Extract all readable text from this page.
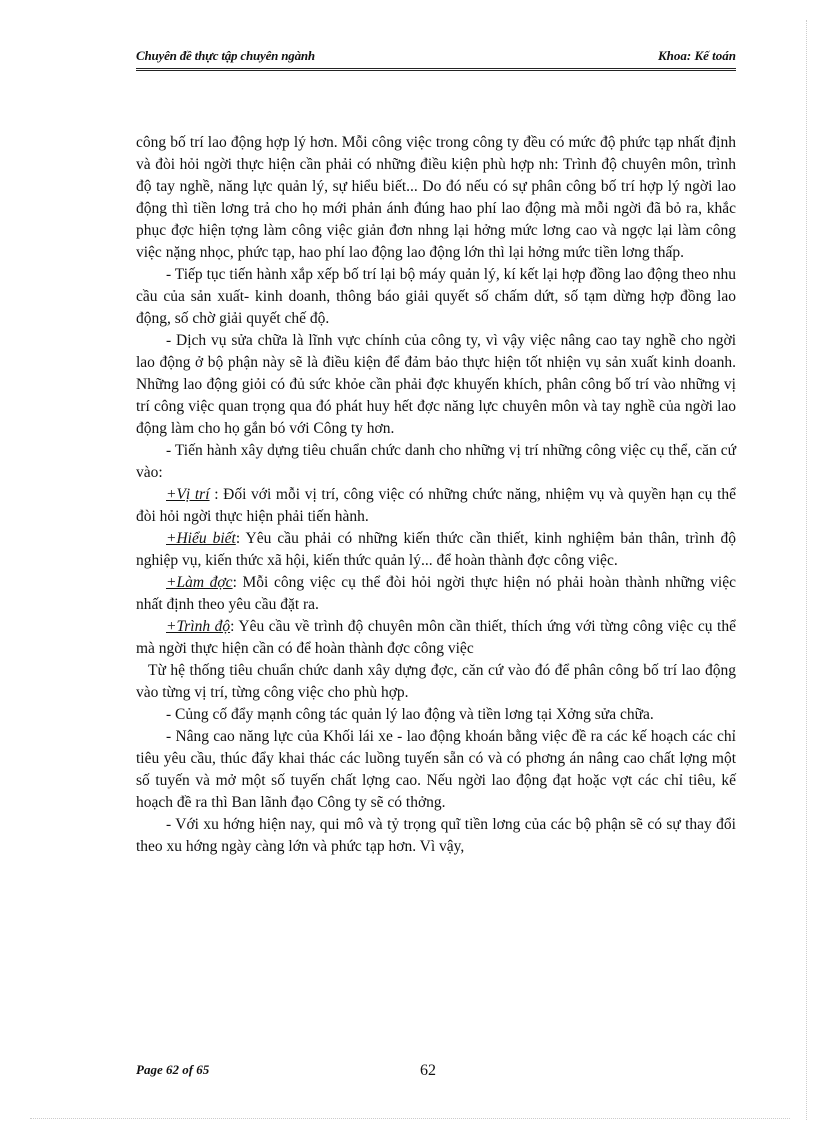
Chuyên đề thực tập chuyên ngành	Khoa: Kế toán

công bố trí lao động hợp lý hơn. Mỗi công việc trong công ty đều có mức độ phức tạp nhất định và đòi hỏi ngời thực hiện cần phải có những điều kiện phù hợp nh: Trình độ chuyên môn, trình độ tay nghề, năng lực quản lý, sự hiểu biết... Do đó nếu có sự phân công bố trí hợp lý ngời lao động thì tiền lơng trả cho họ mới phản ánh đúng hao phí lao động mà mỗi ngời đã bỏ ra, khắc phục đợc hiện tợng làm công việc giản đơn nhng lại hởng mức lơng cao và ngợc lại làm công việc nặng nhọc, phức tạp, hao phí lao động lao động lớn thì lại hởng mức tiền lơng thấp.

- Tiếp tục tiến hành xắp xếp bố trí lại bộ máy quản lý, kí kết lại hợp đồng lao động theo nhu cầu của sản xuất- kinh doanh, thông báo giải quyết số chấm dứt, số tạm dừng hợp đồng lao động, số chờ giải quyết chế độ.

- Dịch vụ sửa chữa là lĩnh vực chính của công ty, vì vậy việc nâng cao tay nghề cho ngời lao động ở bộ phận này sẽ là điều kiện để đảm bảo thực hiện tốt nhiện vụ sản xuất kinh doanh. Những lao động giỏi có đủ sức khỏe cần phải đợc khuyến khích, phân công bố trí vào những vị trí công việc quan trọng qua đó phát huy hết đợc năng lực chuyên môn và tay nghề của ngời lao động làm cho họ gắn bó với Công ty hơn.

- Tiến hành xây dựng tiêu chuẩn chức danh cho những vị trí những công việc cụ thể, căn cứ vào:

+Vị trí : Đối với mỗi vị trí, công việc có những chức năng, nhiệm vụ và quyền hạn cụ thể đòi hỏi ngời thực hiện phải tiến hành.

+Hiểu biết: Yêu cầu phải có những kiến thức cần thiết, kinh nghiệm bản thân, trình độ nghiệp vụ, kiến thức xã hội, kiến thức quản lý... để hoàn thành đợc công việc.

+Làm đợc: Mỗi công việc cụ thể đòi hỏi ngời thực hiện nó phải hoàn thành những việc nhất định theo yêu cầu đặt ra.

+Trình độ: Yêu cầu về trình độ chuyên môn cần thiết, thích ứng với từng công việc cụ thể mà ngời thực hiện cần có để hoàn thành đợc công việc

Từ hệ thống tiêu chuẩn chức danh xây dựng đợc, căn cứ vào đó để phân công bố trí lao động vào từng vị trí, từng công việc cho phù hợp.

- Củng cố đẩy mạnh công tác quản lý lao động và tiền lơng tại Xởng sửa chữa.

- Nâng cao năng lực của Khối lái xe - lao động khoán bằng việc đề ra các kế hoạch các chỉ tiêu yêu cầu, thúc đẩy khai thác các luồng tuyến sẵn có và có phơng án nâng cao chất lợng một số tuyến và mở một số tuyến chất lợng cao. Nếu ngời lao động đạt hoặc vợt các chỉ tiêu, kế hoạch đề ra thì Ban lãnh đạo Công ty sẽ có thởng.

- Với xu hớng hiện nay, qui mô và tỷ trọng quĩ tiền lơng của các bộ phận sẽ có sự thay đổi theo xu hớng ngày càng lớn và phức tạp hơn. Vì vậy,

Page 62 of 65	62
